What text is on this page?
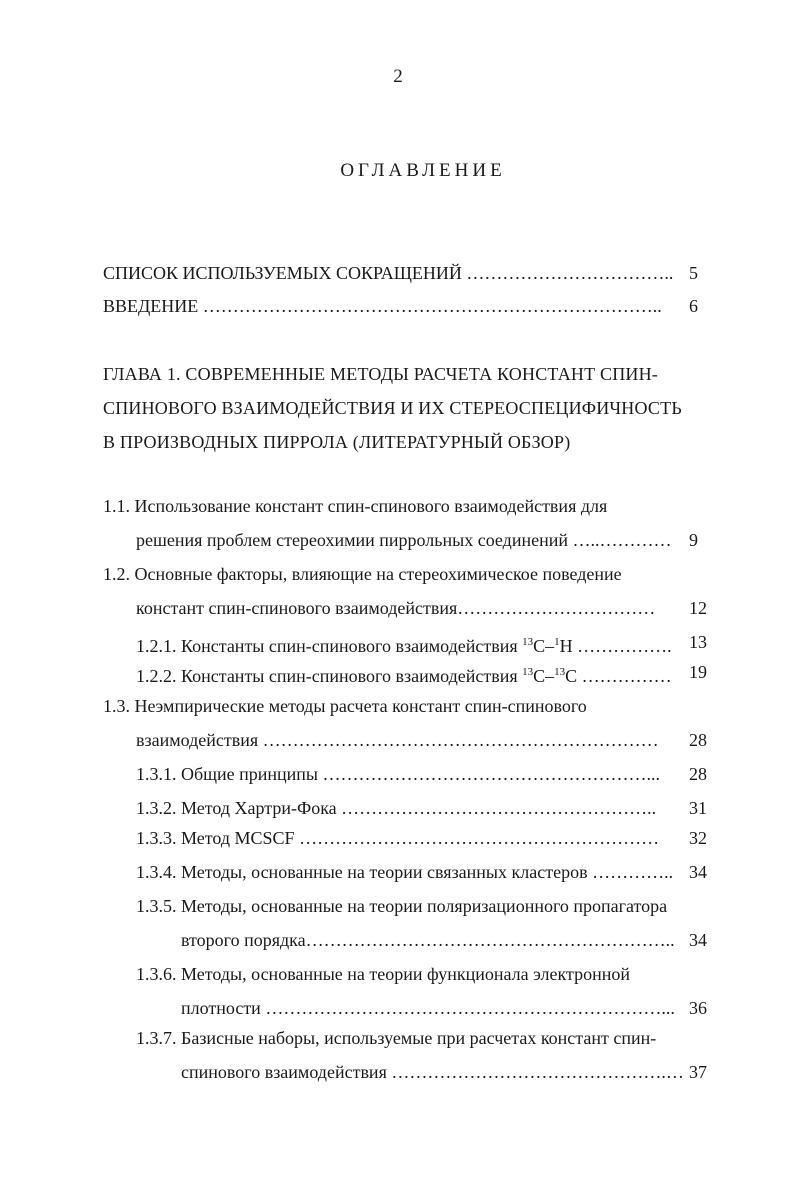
2
ОГЛАВЛЕНИЕ
СПИСОК ИСПОЛЬЗУЕМЫХ СОКРАЩЕНИЙ …………………………….. 5
ВВЕДЕНИЕ ………………………………………………………………….. 6
ГЛАВА 1. СОВРЕМЕННЫЕ МЕТОДЫ РАСЧЕТА КОНСТАНТ СПИН-
СПИНОВОГО ВЗАИМОДЕЙСТВИЯ И ИХ СТЕРЕОСПЕЦИФИЧНОСТЬ
В ПРОИЗВОДНЫХ ПИРРОЛА (ЛИТЕРАТУРНЫЙ ОБЗОР)
1.1. Использование констант спин-спинового взаимодействия для
решения проблем стереохимии пиррольных соединений …..………… 9
1.2. Основные факторы, влияющие на стереохимическое поведение
констант спин-спинового взаимодействия…………………………… 12
1.2.1. Константы спин-спинового взаимодействия $^{13}$C–$^1$H ……………. 13
1.2.2. Константы спин-спинового взаимодействия $^{13}$C–$^{13}$C …………… 19
1.3. Неэмпирические методы расчета констант спин-спинового
взаимодействия ………………………………………………………… 28
1.3.1. Общие принципы ………………………………………………... 28
1.3.2. Метод Хартри-Фока …………………………………………….. 31
1.3.3. Метод MCSCF …………………………………………………… 32
1.3.4. Методы, основанные на теории связанных кластеров ………….. 34
1.3.5. Методы, основанные на теории поляризационного пропагатора
второго порядка…………………………………………………….. 34
1.3.6. Методы, основанные на теории функционала электронной
плотности …………………………………………………………... 36
1.3.7. Базисные наборы, используемые при расчетах констант спин-
спинового взаимодействия ……………………………………….… 37
